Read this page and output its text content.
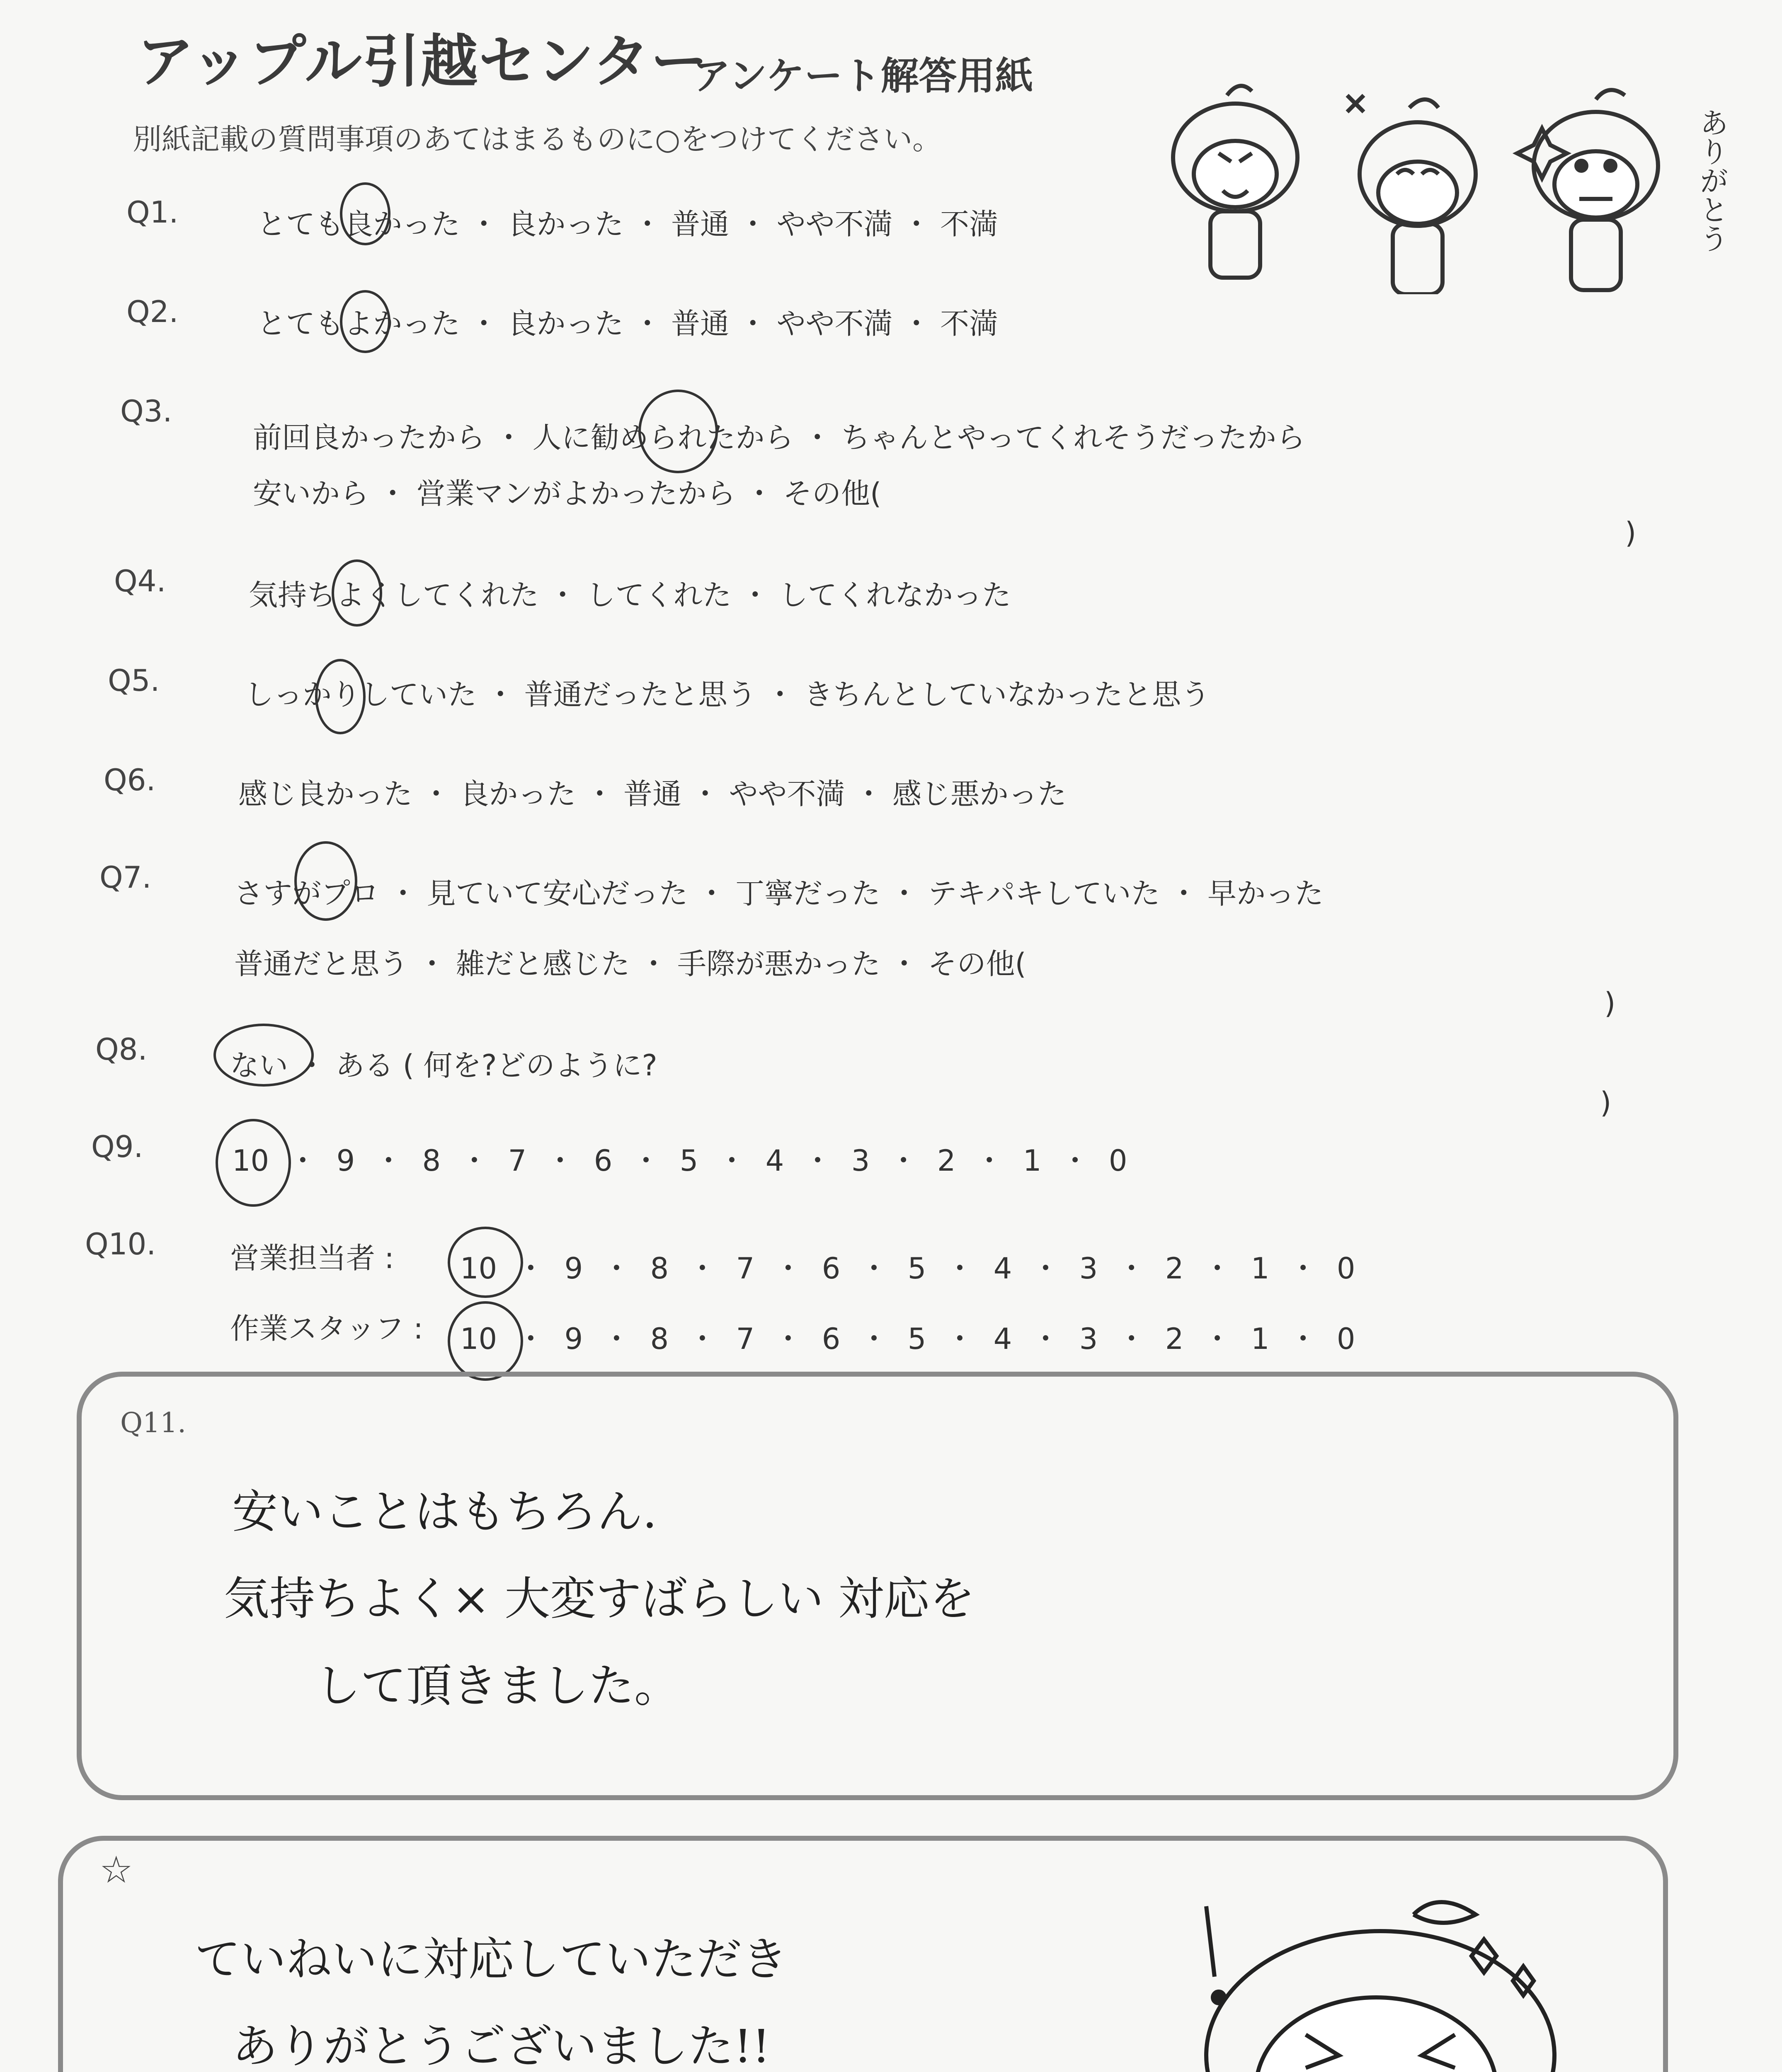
アップル引越センター
アンケート解答用紙
別紙記載の質問事項のあてはまるものに○をつけてください。	ありがとう
Q1.	とても良かった ・ 良かった ・ 普通 ・ やや不満 ・ 不満
Q2.	とてもよかった ・ 良かった ・ 普通 ・ やや不満 ・ 不満
Q3.
前回良かったから ・ 人に勧められたから ・ ちゃんとやってくれそうだったから
安いから ・ 営業マンがよかったから ・ その他(
)
Q4.	気持ちよくしてくれた ・ してくれた ・ してくれなかった
Q5.	しっかりしていた ・ 普通だったと思う ・ きちんとしていなかったと思う
Q6.	感じ良かった ・ 良かった ・ 普通 ・ やや不満 ・ 感じ悪かった
Q7.	さすがプロ ・ 見ていて安心だった ・ 丁寧だった ・ テキパキしていた ・ 早かった
普通だと思う ・ 雑だと感じた ・ 手際が悪かった ・ その他(
)
Q8.	ない ・ ある ( 何を?どのように?
)
Q9.	10 ・ 9 ・ 8 ・ 7 ・ 6 ・ 5 ・ 4 ・ 3 ・ 2 ・ 1 ・ 0
Q10.	営業担当者 : 10 ・ 9 ・ 8 ・ 7 ・ 6 ・ 5 ・ 4 ・ 3 ・ 2 ・ 1 ・ 0
作業スタッフ : 10 ・ 9 ・ 8 ・ 7 ・ 6 ・ 5 ・ 4 ・ 3 ・ 2 ・ 1 ・ 0
Q11.
安いことはもちろん.
気持ちよく× 大変すばらしい 対応を
して頂きました。
☆
ていねいに対応していただき
ありがとうございました!!
